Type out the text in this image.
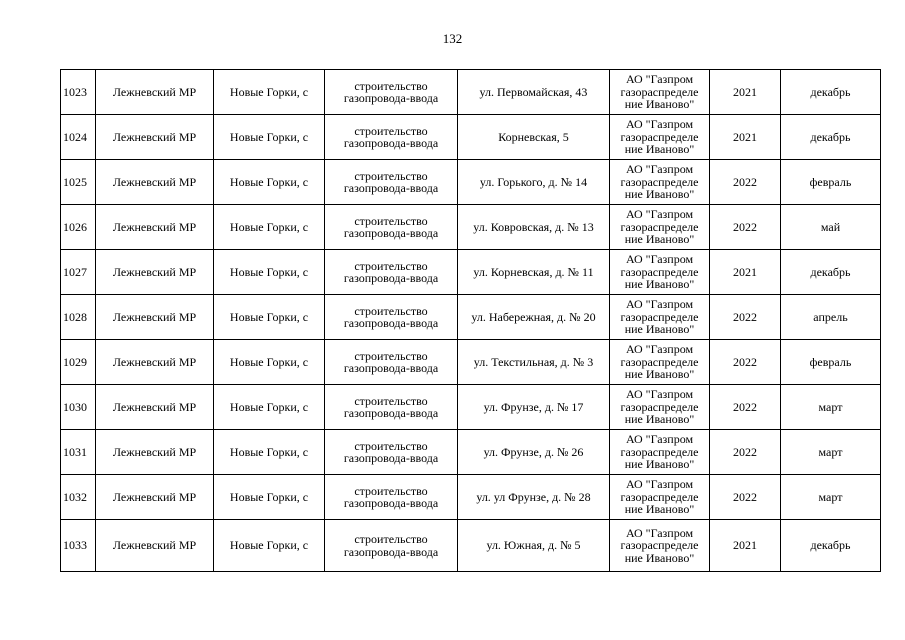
132
1023	Лежневский МР	Новые Горки, с	строительство газопровода-ввода	ул. Первомайская, 43	АО "Газпром газораспределе ние Иваново"	2021	декабрь
1024	Лежневский МР	Новые Горки, с	строительство газопровода-ввода	Корневская, 5	АО "Газпром газораспределе ние Иваново"	2021	декабрь
1025	Лежневский МР	Новые Горки, с	строительство газопровода-ввода	ул. Горького, д. № 14	АО "Газпром газораспределе ние Иваново"	2022	февраль
1026	Лежневский МР	Новые Горки, с	строительство газопровода-ввода	ул. Ковровская, д. № 13	АО "Газпром газораспределе ние Иваново"	2022	май
1027	Лежневский МР	Новые Горки, с	строительство газопровода-ввода	ул. Корневская, д. № 11	АО "Газпром газораспределе ние Иваново"	2021	декабрь
1028	Лежневский МР	Новые Горки, с	строительство газопровода-ввода	ул. Набережная, д. № 20	АО "Газпром газораспределе ние Иваново"	2022	апрель
1029	Лежневский МР	Новые Горки, с	строительство газопровода-ввода	ул. Текстильная, д. № 3	АО "Газпром газораспределе ние Иваново"	2022	февраль
1030	Лежневский МР	Новые Горки, с	строительство газопровода-ввода	ул. Фрунзе, д. № 17	АО "Газпром газораспределе ние Иваново"	2022	март
1031	Лежневский МР	Новые Горки, с	строительство газопровода-ввода	ул. Фрунзе, д. № 26	АО "Газпром газораспределе ние Иваново"	2022	март
1032	Лежневский МР	Новые Горки, с	строительство газопровода-ввода	ул. ул Фрунзе, д. № 28	АО "Газпром газораспределе ние Иваново"	2022	март
1033	Лежневский МР	Новые Горки, с	строительство газопровода-ввода	ул. Южная, д. № 5	АО "Газпром газораспределе ние Иваново"	2021	декабрь
